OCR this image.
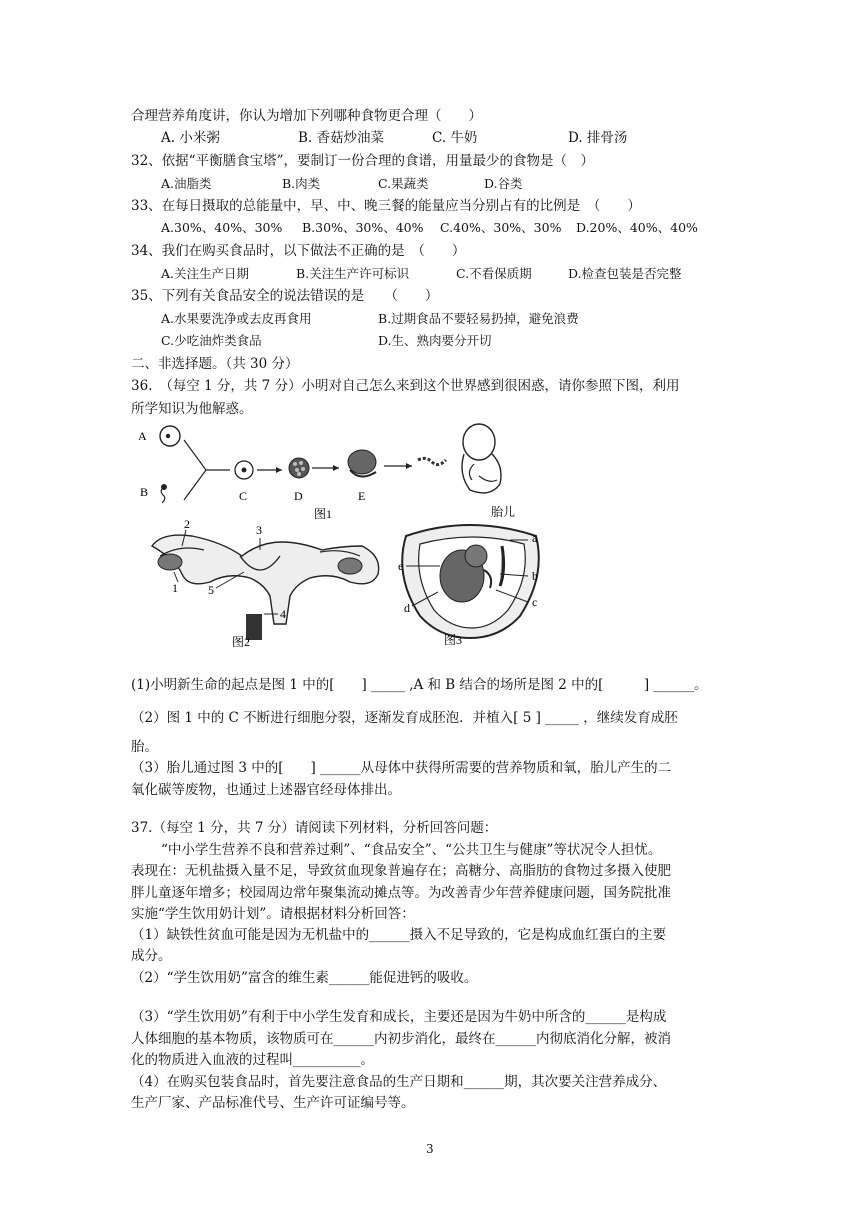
合理营养角度讲，你认为增加下列哪种食物更合理（　　）
A. 小米粥	B. 香菇炒油菜	C. 牛奶	D. 排骨汤
32、依据“平衡膳食宝塔”，要制订一份合理的食谱，用量最少的食物是（　）
A.油脂类	B.肉类	C.果蔬类	D.谷类
33、在每日摄取的总能量中，早、中、晚三餐的能量应当分别占有的比例是　（　　）
A.30%、40%、30% B.30%、30%、40% C.40%、30%、30% D.20%、40%、40%
34、我们在购买食品时，以下做法不正确的是　（　　）
A.关注生产日期	B.关注生产许可标识	C.不看保质期	D.检查包装是否完整
35、下列有关食品安全的说法错误的是　　（　　）
A.水果要洗净或去皮再食用	B.过期食品不要轻易扔掉，避免浪费
C.少吃油炸类食品	D.生、熟肉要分开切
二、非选择题。（共 30 分）
36.　（每空 1 分，共 7 分）小明对自己怎么来到这个世界感到很困惑，请你参照下图，利用
所学知识为他解惑。
A
B	C	D	E
胎儿
图1
2	3
1	5
4
图2
a
b
c
e
d
图3
(1)小明新生命的起点是图 1 中的[　　] _____ ,A 和 B 结合的场所是图 2 中的[　　　] ______。
（2）图 1 中的 C 不断进行细胞分裂，逐渐发育成胚泡．并植入[ 5 ] _____ ，继续发育成胚
胎。
（3）胎儿通过图 3 中的[　　] ______从母体中获得所需要的营养物质和氧，胎儿产生的二
氧化碳等废物，也通过上述器官经母体排出。
37.（每空 1 分，共 7 分）请阅读下列材料，分析回答问题：
“中小学生营养不良和营养过剩”、“食品安全”、“公共卫生与健康”等状况令人担忧。
表现在：无机盐摄入量不足，导致贫血现象普遍存在；高糖分、高脂肪的食物过多摄入使肥
胖儿童逐年增多；校园周边常年聚集流动摊点等。为改善青少年营养健康问题，国务院批准
实施“学生饮用奶计划”。请根据材料分析回答：
（1）缺铁性贫血可能是因为无机盐中的______摄入不足导致的，它是构成血红蛋白的主要
成分。
（2）“学生饮用奶”富含的维生素______能促进钙的吸收。
（3）“学生饮用奶”有利于中小学生发育和成长，主要还是因为牛奶中所含的______是构成
人体细胞的基本物质，该物质可在______内初步消化，最终在______内彻底消化分解，被消
化的物质进入血液的过程叫__________。
（4）在购买包装食品时，首先要注意食品的生产日期和______期，其次要关注营养成分、
生产厂家、产品标准代号、生产许可证编号等。
3
